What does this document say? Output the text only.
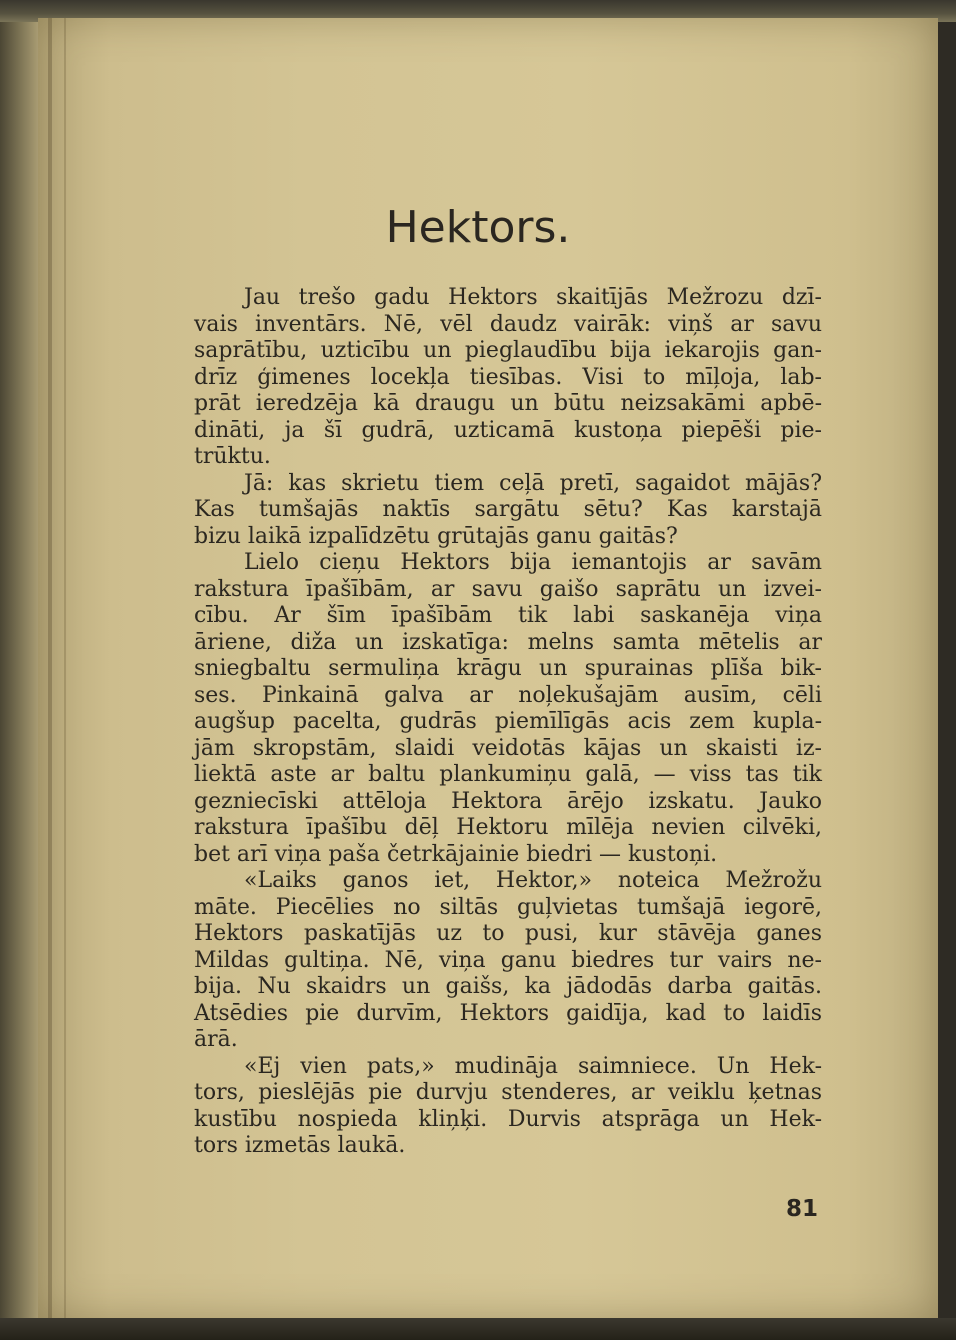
Hektors.
Jau trešo gadu Hektors skaitījās Mežrozu dzī-
vais inventārs. Nē, vēl daudz vairāk: viņš ar savu
saprātību, uzticību un pieglaudību bija iekarojis gan-
drīz ģimenes locekļa tiesības. Visi to mīļoja, lab-
prāt ieredzēja kā draugu un būtu neizsakāmi apbē-
dināti, ja šī gudrā, uzticamā kustoņa piepēši pie-
trūktu.
Jā: kas skrietu tiem ceļā pretī, sagaidot mājās?
Kas tumšajās naktīs sargātu sētu? Kas karstajā
bizu laikā izpalīdzētu grūtajās ganu gaitās?
Lielo cieņu Hektors bija iemantojis ar savām
rakstura īpašībām, ar savu gaišo saprātu un izvei-
cību. Ar šīm īpašībām tik labi saskanēja viņa
āriene, diža un izskatīga: melns samta mētelis ar
sniegbaltu sermuliņa krāgu un spurainas plīša bik-
ses. Pinkainā galva ar noļekušajām ausīm, cēli
augšup pacelta, gudrās piemīlīgās acis zem kupla-
jām skropstām, slaidi veidotās kājas un skaisti iz-
liektā aste ar baltu plankumiņu galā, — viss tas tik
gezniecīski attēloja Hektora ārējo izskatu. Jauko
rakstura īpašību dēļ Hektoru mīlēja nevien cilvēki,
bet arī viņa paša četrkājainie biedri — kustoņi.
«Laiks ganos iet, Hektor,» noteica Mežrožu
māte. Piecēlies no siltās guļvietas tumšajā iegorē,
Hektors paskatījās uz to pusi, kur stāvēja ganes
Mildas gultiņa. Nē, viņa ganu biedres tur vairs ne-
bija. Nu skaidrs un gaišs, ka jādodās darba gaitās.
Atsēdies pie durvīm, Hektors gaidīja, kad to laidīs
ārā.
«Ej vien pats,» mudināja saimniece. Un Hek-
tors, pieslējās pie durvju stenderes, ar veiklu ķetnas
kustību nospieda kliņķi. Durvis atsprāga un Hek-
tors izmetās laukā.
81
